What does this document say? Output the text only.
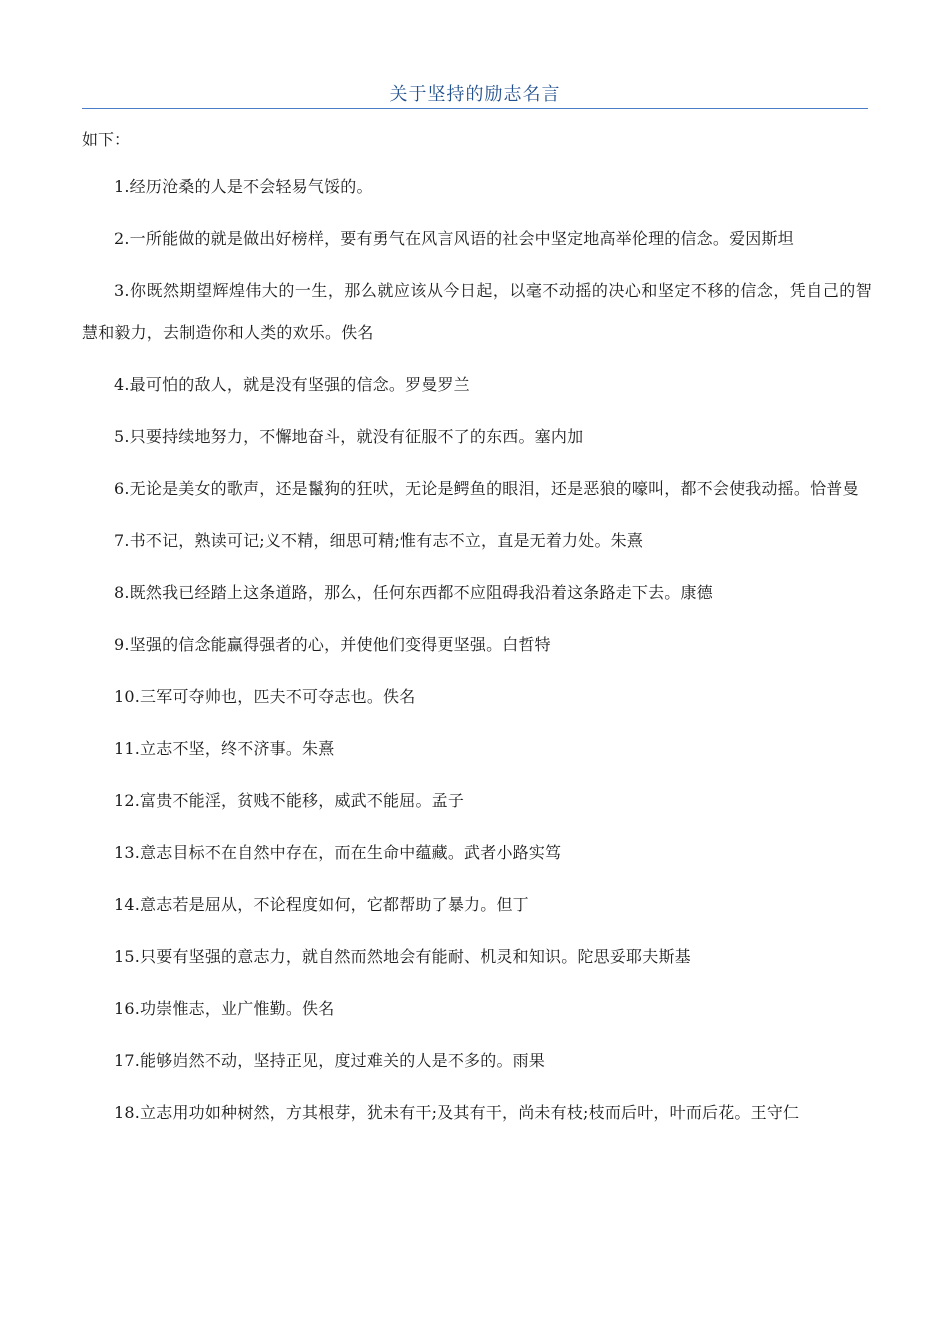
关于坚持的励志名言
如下：
1.经历沧桑的人是不会轻易气馁的。
2.一所能做的就是做出好榜样，要有勇气在风言风语的社会中坚定地高举伦理的信念。爱因斯坦
3.你既然期望辉煌伟大的一生，那么就应该从今日起，以毫不动摇的决心和坚定不移的信念，凭自己的智慧和毅力，去制造你和人类的欢乐。佚名
4.最可怕的敌人，就是没有坚强的信念。罗曼罗兰
5.只要持续地努力，不懈地奋斗，就没有征服不了的东西。塞内加
6.无论是美女的歌声，还是鬣狗的狂吠，无论是鳄鱼的眼泪，还是恶狼的嚎叫，都不会使我动摇。恰普曼
7.书不记，熟读可记;义不精，细思可精;惟有志不立，直是无着力处。朱熹
8.既然我已经踏上这条道路，那么，任何东西都不应阻碍我沿着这条路走下去。康德
9.坚强的信念能赢得强者的心，并使他们变得更坚强。白哲特
10.三军可夺帅也，匹夫不可夺志也。佚名
11.立志不坚，终不济事。朱熹
12.富贵不能淫，贫贱不能移，威武不能屈。孟子
13.意志目标不在自然中存在，而在生命中蕴藏。武者小路实笃
14.意志若是屈从，不论程度如何，它都帮助了暴力。但丁
15.只要有坚强的意志力，就自然而然地会有能耐、机灵和知识。陀思妥耶夫斯基
16.功崇惟志，业广惟勤。佚名
17.能够岿然不动，坚持正见，度过难关的人是不多的。雨果
18.立志用功如种树然，方其根芽，犹未有干;及其有干，尚未有枝;枝而后叶，叶而后花。王守仁
